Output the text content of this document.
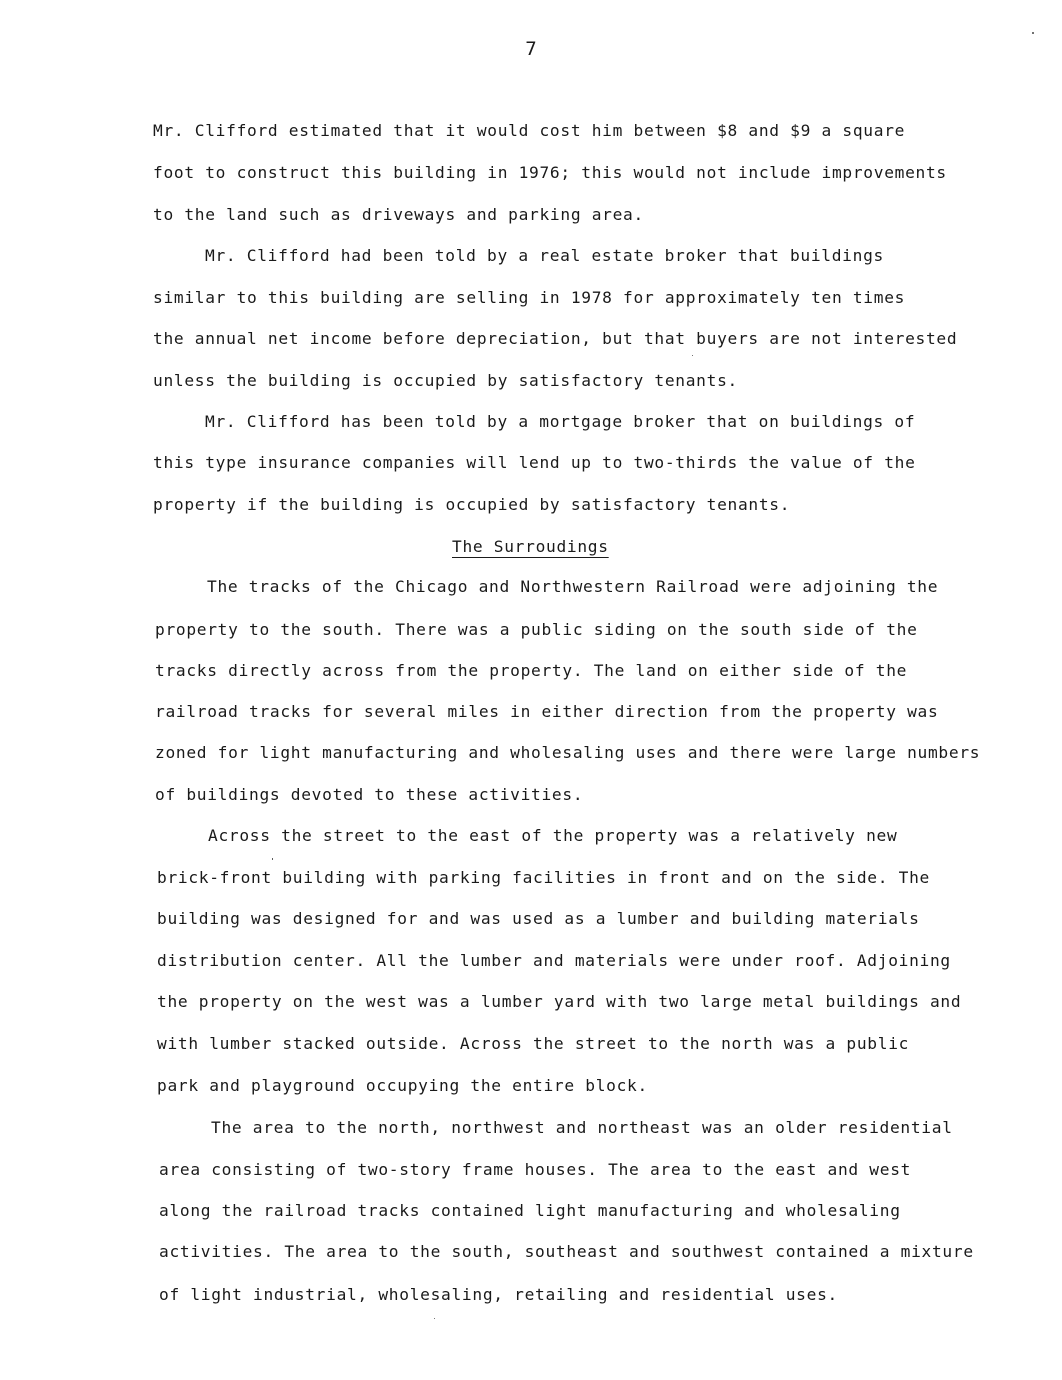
7
Mr. Clifford estimated that it would cost him between $8 and $9 a square
foot to construct this building in 1976; this would not include improvements
to the land such as driveways and parking area.
Mr. Clifford had been told by a real estate broker that buildings
similar to this building are selling in 1978 for approximately ten times
the annual net income before depreciation, but that buyers are not interested
unless the building is occupied by satisfactory tenants.
Mr. Clifford has been told by a mortgage broker that on buildings of
this type insurance companies will lend up to two-thirds the value of the
property if the building is occupied by satisfactory tenants.
The Surroudings
The tracks of the Chicago and Northwestern Railroad were adjoining the
property to the south. There was a public siding on the south side of the
tracks directly across from the property. The land on either side of the
railroad tracks for several miles in either direction from the property was
zoned for light manufacturing and wholesaling uses and there were large numbers
of buildings devoted to these activities.
Across the street to the east of the property was a relatively new
brick-front building with parking facilities in front and on the side. The
building was designed for and was used as a lumber and building materials
distribution center. All the lumber and materials were under roof. Adjoining
the property on the west was a lumber yard with two large metal buildings and
with lumber stacked outside. Across the street to the north was a public
park and playground occupying the entire block.
The area to the north, northwest and northeast was an older residential
area consisting of two-story frame houses. The area to the east and west
along the railroad tracks contained light manufacturing and wholesaling
activities. The area to the south, southeast and southwest contained a mixture
of light industrial, wholesaling, retailing and residential uses.
